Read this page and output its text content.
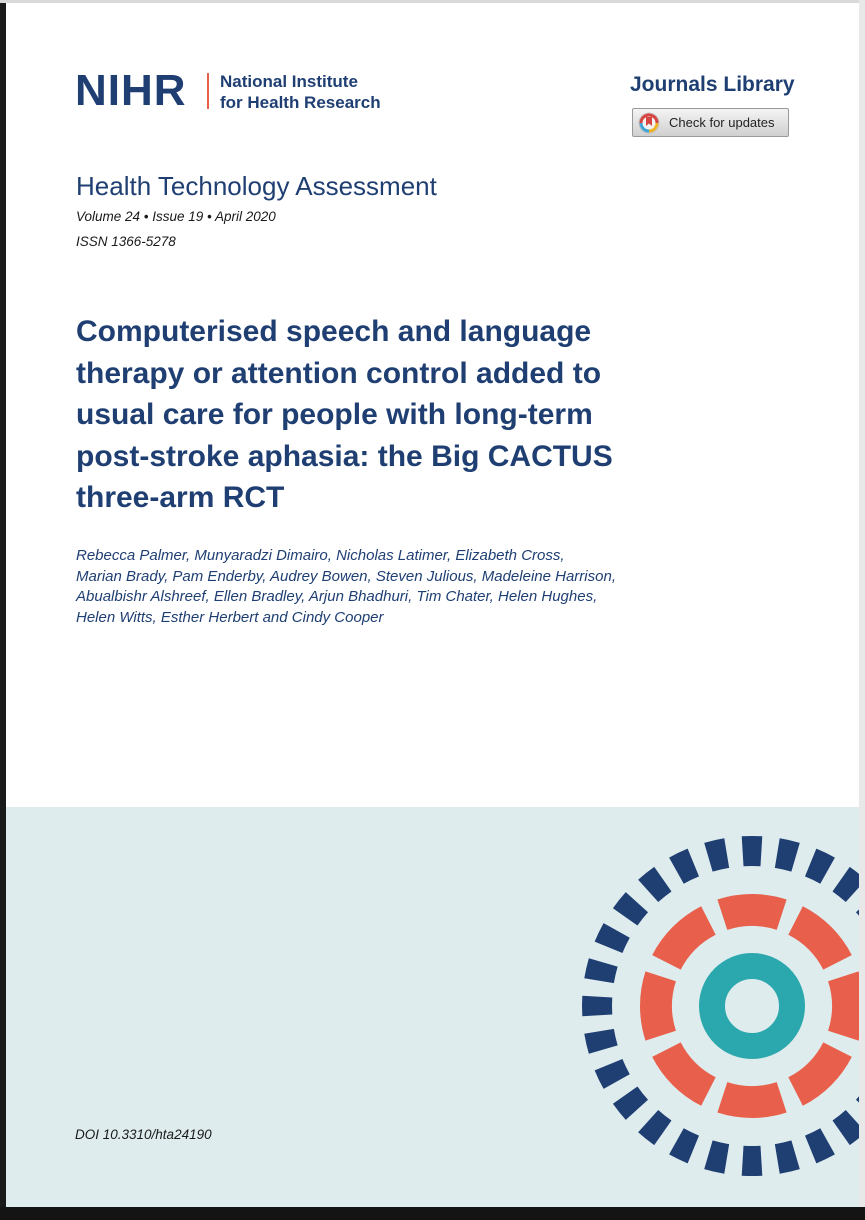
NIHR National Institute
for Health Research
Journals Library
Check for updates
Health Technology Assessment
Volume 24 • Issue 19 • April 2020
ISSN 1366-5278
Computerised speech and language therapy or attention control added to usual care for people with long-term post-stroke aphasia: the Big CACTUS three-arm RCT
Rebecca Palmer, Munyaradzi Dimairo, Nicholas Latimer, Elizabeth Cross,
Marian Brady, Pam Enderby, Audrey Bowen, Steven Julious, Madeleine Harrison,
Abualbishr Alshreef, Ellen Bradley, Arjun Bhadhuri, Tim Chater, Helen Hughes,
Helen Witts, Esther Herbert and Cindy Cooper
DOI 10.3310/hta24190
